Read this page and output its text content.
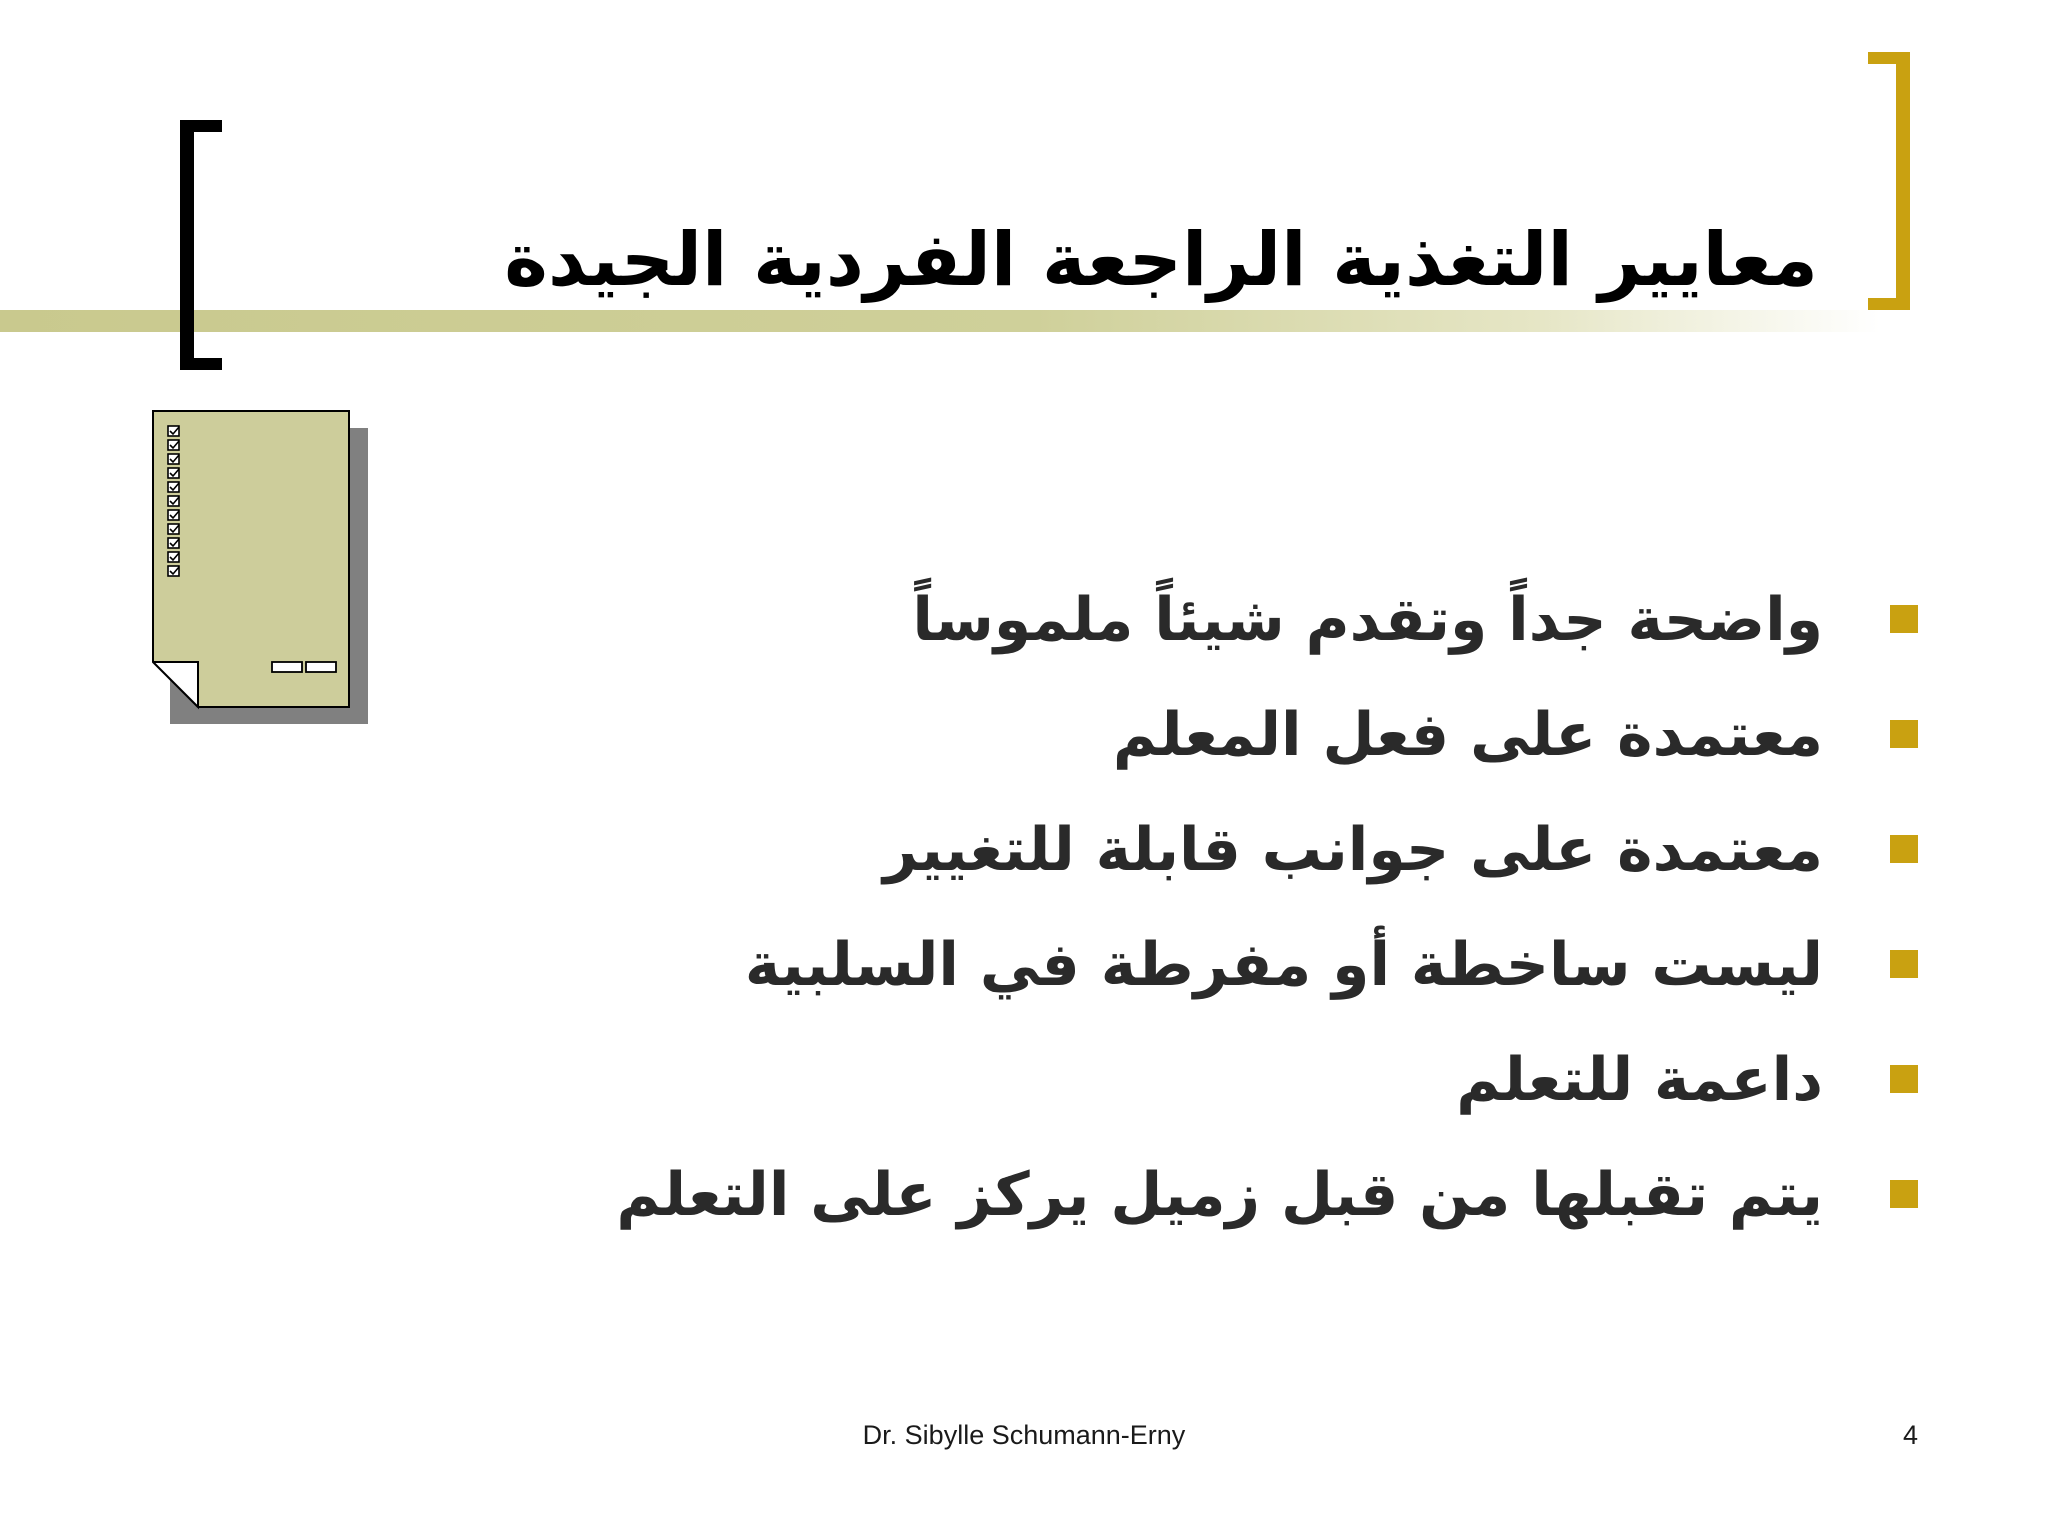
معايير التغذية الراجعة الفردية الجيدة
واضحة جداً وتقدم شيئاً ملموساً
معتمدة على فعل المعلم
معتمدة على جوانب قابلة للتغيير
ليست ساخطة أو مفرطة في السلبية
داعمة للتعلم
يتم تقبلها من قبل زميل يركز على التعلم
Dr. Sibylle Schumann-Erny	4
